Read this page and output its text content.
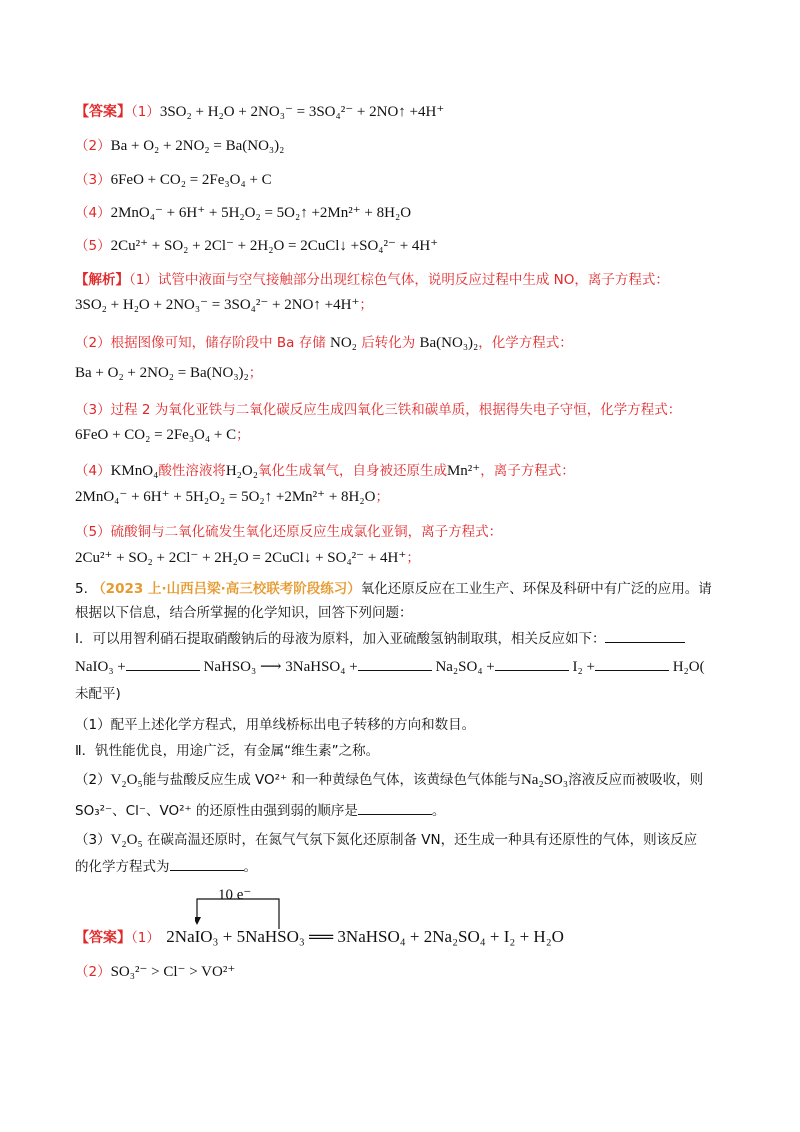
【答案】（1）3SO₂ + H₂O + 2NO₃⁻ = 3SO₄²⁻ + 2NO↑ +4H⁺
（2）Ba + O₂ + 2NO₂ = Ba(NO₃)₂
（3）6FeO + CO₂ = 2Fe₃O₄ + C
（4）2MnO₄⁻ + 6H⁺ + 5H₂O₂ = 5O₂↑ +2Mn²⁺ + 8H₂O
（5）2Cu²⁺ + SO₂ + 2Cl⁻ + 2H₂O = 2CuCl↓ +SO₄²⁻ + 4H⁺
【解析】（1）试管中液面与空气接触部分出现红棕色气体，说明反应过程中生成 NO，离子方程式：
3SO₂ + H₂O + 2NO₃⁻ = 3SO₄²⁻ + 2NO↑ +4H⁺；
（2）根据图像可知，储存阶段中 Ba 存储 NO₂ 后转化为 Ba(NO₃)₂，化学方程式：
Ba + O₂ + 2NO₂ = Ba(NO₃)₂；
（3）过程 2 为氧化亚铁与二氧化碳反应生成四氧化三铁和碳单质，根据得失电子守恒，化学方程式：
6FeO + CO₂ = 2Fe₃O₄ + C；
（4）KMnO₄酸性溶液将H₂O₂氧化生成氧气，自身被还原生成Mn²⁺，离子方程式：
2MnO₄⁻ + 6H⁺ + 5H₂O₂ = 5O₂↑ +2Mn²⁺ + 8H₂O；
（5）硫酸铜与二氧化硫发生氧化还原反应生成氯化亚铜，离子方程式：
2Cu²⁺ + SO₂ + 2Cl⁻ + 2H₂O = 2CuCl↓ + SO₄²⁻ + 4H⁺；
5. （2023 上·山西吕梁·高三校联考阶段练习）氧化还原反应在工业生产、环保及科研中有广泛的应用。请
根据以下信息，结合所掌握的化学知识，回答下列问题：
Ⅰ．可以用智利硝石提取硝酸钠后的母液为原料，加入亚硫酸氢钠制取琪，相关反应如下：
NaIO₃ +	NaHSO₃ ⟶ 3NaHSO₄ +	Na₂SO₄ +	I₂ +	H₂O(
未配平)
（1）配平上述化学方程式，用单线桥标出电子转移的方向和数目。
Ⅱ．钒性能优良，用途广泛，有金属“维生素”之称。
（2）V₂O₅能与盐酸反应生成 VO²⁺ 和一种黄绿色气体，该黄绿色气体能与Na₂SO₃溶液反应而被吸收，则
SO₃²⁻、Cl⁻、VO²⁺ 的还原性由强到弱的顺序是	。
（3）V₂O₅ 在碳高温还原时，在氮气气氛下氮化还原制备 VN，还生成一种具有还原性的气体，则该反应
的化学方程式为	。
10 e⁻
【答案】（1） 2NaIO₃ + 5NaHSO₃ ══ 3NaHSO₄ + 2Na₂SO₄ + I₂ + H₂O
（2）SO₃²⁻ > Cl⁻ > VO²⁺
